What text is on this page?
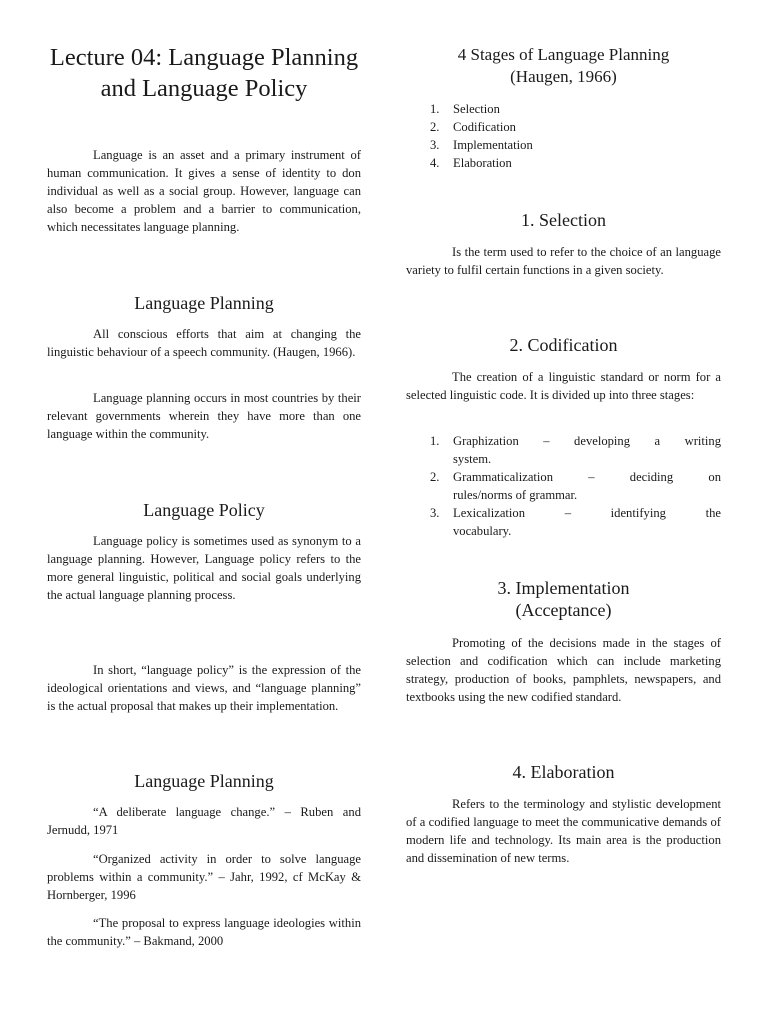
Lecture 04: Language Planning and Language Policy

Language is an asset and a primary instrument of human communication. It gives a sense of identity to don individual as well as a social group. However, language can also become a problem and a barrier to communication, which necessitates language planning.

Language Planning

All conscious efforts that aim at changing the linguistic behaviour of a speech community. (Haugen, 1966).

Language planning occurs in most countries by their relevant governments wherein they have more than one language within the community.

Language Policy

Language policy is sometimes used as synonym to a language planning. However, Language policy refers to the more general linguistic, political and social goals underlying the actual language planning process.

In short, “language policy” is the expression of the ideological orientations and views, and “language planning” is the actual proposal that makes up their implementation.

Language Planning

“A deliberate language change.” – Ruben and Jernudd, 1971

“Organized activity in order to solve language problems within a community.” – Jahr, 1992, cf McKay & Hornberger, 1996

“The proposal to express language ideologies within the community.” – Bakmand, 2000

4 Stages of Language Planning
(Haugen, 1966)
1. Selection
2. Codification
3. Implementation
4. Elaboration
1. Selection

Is the term used to refer to the choice of an language variety to fulfil certain functions in a given society.

2. Codification

The creation of a linguistic standard or norm for a selected linguistic code. It is divided up into three stages:

1. Graphization – developing a writing
system.
2. Grammaticalization – deciding on
rules/norms of grammar.
3. Lexicalization – identifying the
vocabulary.
3. Implementation
(Acceptance)

Promoting of the decisions made in the stages of selection and codification which can include marketing strategy, production of books, pamphlets, newspapers, and textbooks using the new codified standard.

4. Elaboration

Refers to the terminology and stylistic development of a codified language to meet the communicative demands of modern life and technology. Its main area is the production and dissemination of new terms.
